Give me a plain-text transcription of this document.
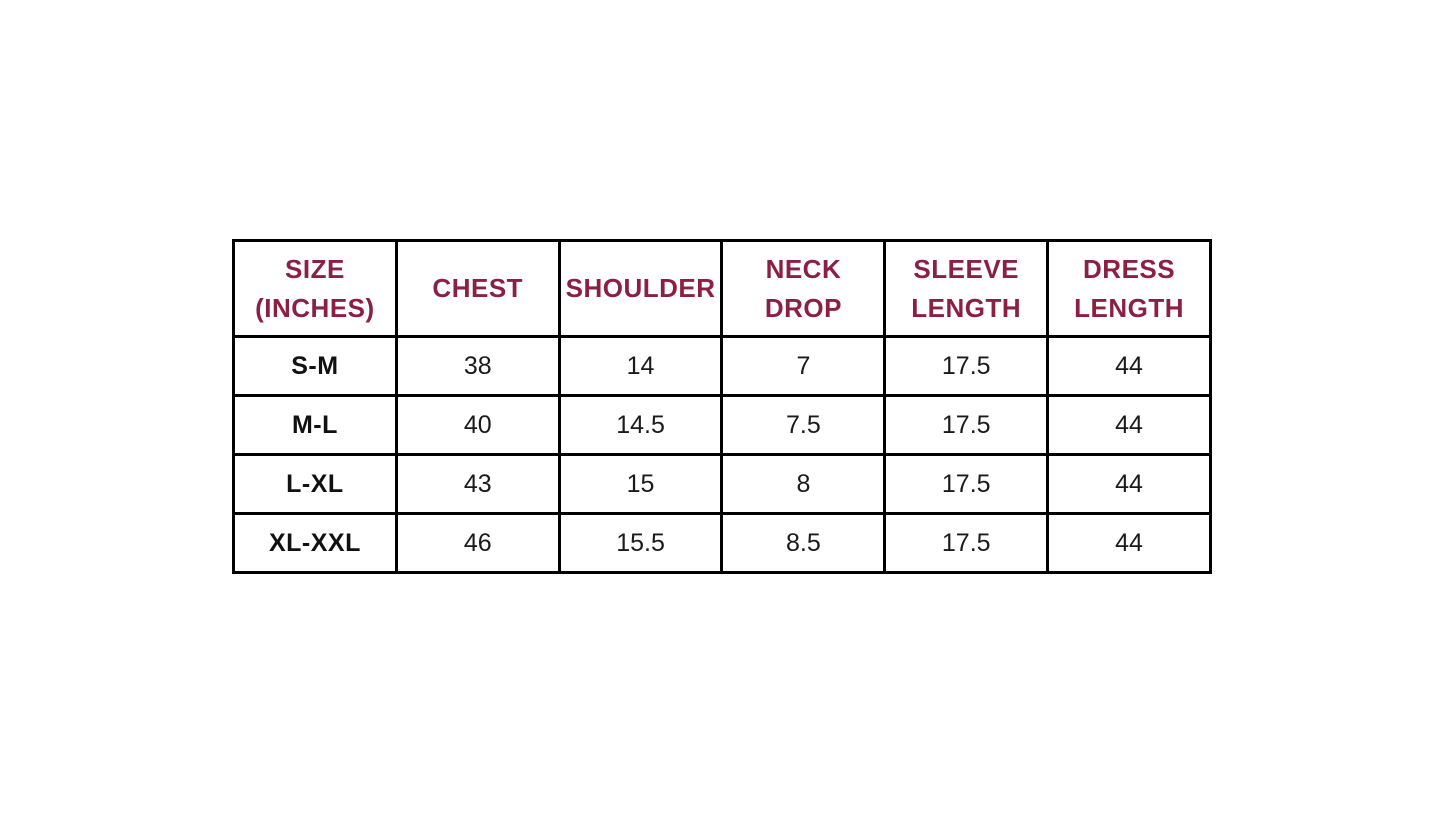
SIZE (INCHES)	CHEST	SHOULDER	NECK DROP	SLEEVE LENGTH	DRESS LENGTH
S-M	38	14	7	17.5	44
M-L	40	14.5	7.5	17.5	44
L-XL	43	15	8	17.5	44
XL-XXL	46	15.5	8.5	17.5	44
